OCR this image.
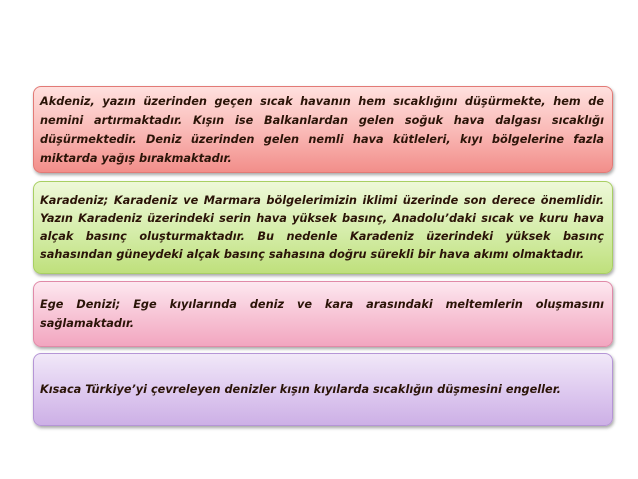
Akdeniz, yazın üzerinden geçen sıcak havanın hem sıcaklığını düşürmekte, hem de nemini artırmaktadır. Kışın ise Balkanlardan gelen soğuk hava dalgası sıcaklığı düşürmektedir. Deniz üzerinden gelen nemli hava kütleleri, kıyı bölgelerine fazla miktarda yağış bırakmaktadır.

Karadeniz; Karadeniz ve Marmara bölgelerimizin iklimi üzerinde son derece önemlidir. Yazın Karadeniz üzerindeki serin hava yüksek basınç, Anadolu’daki sıcak ve kuru hava alçak basınç oluşturmaktadır. Bu nedenle Karadeniz üzerindeki yüksek basınç sahasından güneydeki alçak basınç sahasına doğru sürekli bir hava akımı olmaktadır.

Ege Denizi; Ege kıyılarında deniz ve kara arasındaki meltemlerin oluşmasını sağlamaktadır.

Kısaca Türkiye’yi çevreleyen denizler kışın kıyılarda sıcaklığın düşmesini engeller.
